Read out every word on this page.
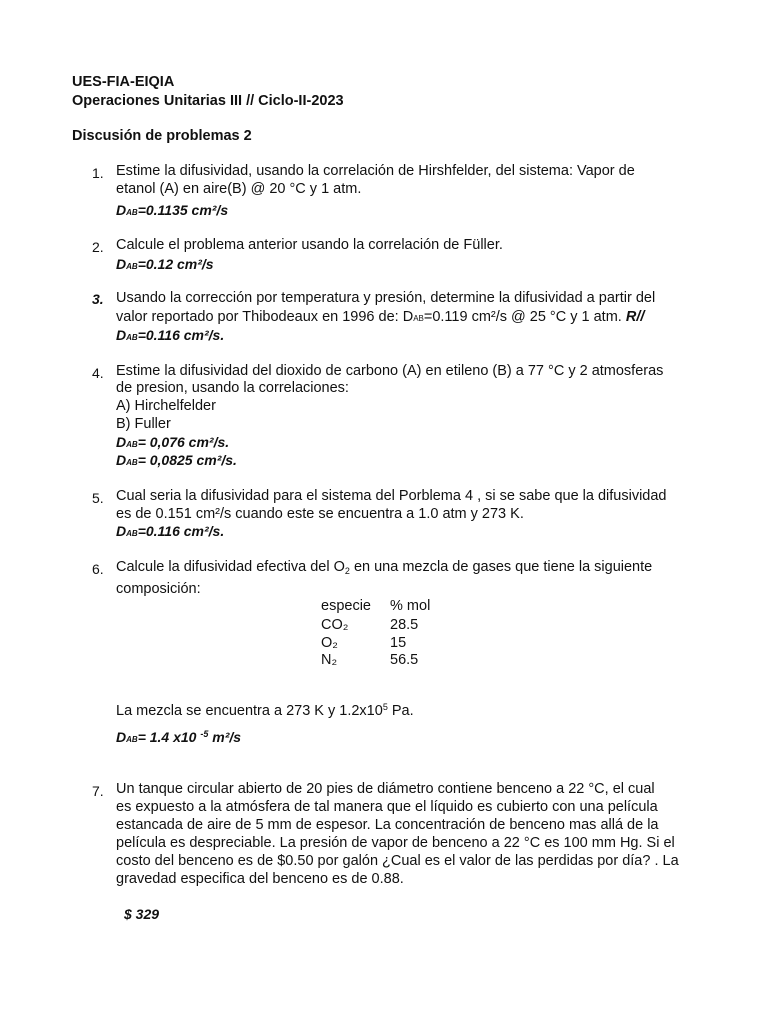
UES-FIA-EIQIA
Operaciones Unitarias III // Ciclo-II-2023
Discusión de problemas 2
1. Estime la difusividad, usando la correlación de Hirshfelder, del sistema: Vapor de
etanol (A) en aire(B) @ 20 °C y 1 atm.
DAB=0.1135 cm²/s
2. Calcule el problema anterior usando la correlación de Füller.
DAB=0.12 cm²/s
3. Usando la corrección por temperatura y presión, determine la difusividad a partir del
valor reportado por Thibodeaux en 1996 de: DAB=0.119 cm²/s @ 25 °C y 1 atm. R//
DAB=0.116 cm²/s.
4. Estime la difusividad del dioxido de carbono (A) en etileno (B) a 77 °C y 2 atmosferas
de presion, usando la correlaciones:
A) Hirchelfelder
B) Fuller
DAB= 0,076 cm²/s.
DAB= 0,0825 cm²/s.
5. Cual seria la difusividad para el sistema del Porblema 4 , si se sabe que la difusividad
es de 0.151 cm²/s cuando este se encuentra a 1.0 atm y 273 K.
DAB=0.116 cm²/s.
6. Calcule la difusividad efectiva del $O_2$ en una mezcla de gases que tiene la siguiente
composición:
especie % mol
CO₂	28.5
O₂	15
N₂	56.5
La mezcla se encuentra a 273 K y $1.2x10^5$ Pa.
DAB= 1.4 x10 $^{-5}$ m²/s
7. Un tanque circular abierto de 20 pies de diámetro contiene benceno a 22 °C, el cual
es expuesto a la atmósfera de tal manera que el líquido es cubierto con una película
estancada de aire de 5 mm de espesor. La concentración de benceno mas allá de la
película es despreciable. La presión de vapor de benceno a 22 °C es 100 mm Hg. Si el
costo del benceno es de $0.50 por galón ¿Cual es el valor de las perdidas por día? . La
gravedad especifica del benceno es de 0.88.
$ 329
